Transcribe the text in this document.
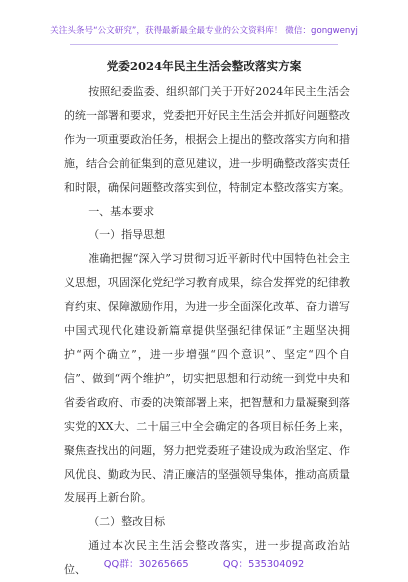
关注头条号“公文研究”，获得最新最全最专业的公文资料库！ 微信：gongwenyj
党委2024年民主生活会整改落实方案

按照纪委监委、组织部门关于开好2024年民主生活会的统一部署和要求，党委把开好民主生活会并抓好问题整改作为一项重要政治任务，根据会上提出的整改落实方向和措施，结合会前征集到的意见建议，进一步明确整改落实责任和时限，确保问题整改落实到位，特制定本整改落实方案。

一、基本要求

（一）指导思想

准确把握“深入学习贯彻习近平新时代中国特色社会主义思想，巩固深化党纪学习教育成果，综合发挥党的纪律教育约束、保障激励作用，为进一步全面深化改革、奋力谱写中国式现代化建设新篇章提供坚强纪律保证”主题坚决拥护“两个确立”，进一步增强“四个意识”、坚定“四个自信”、做到“两个维护”，切实把思想和行动统一到党中央和省委省政府、市委的决策部署上来，把智慧和力量凝聚到落实党的XX大、二十届三中全会确定的各项目标任务上来，聚焦查找出的问题，努力把党委班子建设成为政治坚定、作风优良、勤政为民、清正廉洁的坚强领导集体，推动高质量发展再上新台阶。

（二）整改目标

通过本次民主生活会整改落实，进一步提高政治站位、	QQ群：30265665	QQ：535304092
